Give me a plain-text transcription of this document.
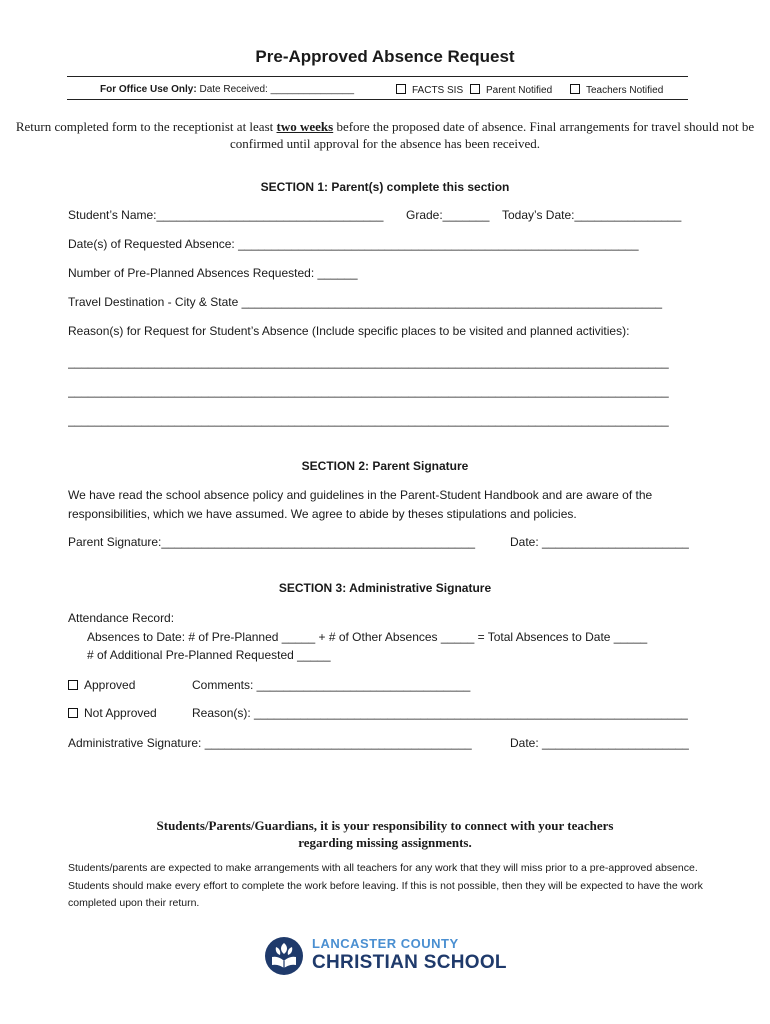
Pre-Approved Absence Request
For Office Use Only: Date Received: _______________	FACTS SIS	Parent Notified	Teachers Notified
Return completed form to the receptionist at least two weeks before the proposed date of absence. Final arrangements for travel should not be confirmed until approval for the absence has been received.
SECTION 1: Parent(s) complete this section
Student’s Name:__________________________________ Grade:_______ Today’s Date:________________
Date(s) of Requested Absence: ____________________________________________________________
Number of Pre-Planned Absences Requested: ______
Travel Destination - City & State _______________________________________________________________
Reason(s) for Request for Student’s Absence (Include specific places to be visited and planned activities):
__________________________________________________________________________________________
__________________________________________________________________________________________
__________________________________________________________________________________________
SECTION 2: Parent Signature
We have read the school absence policy and guidelines in the Parent-Student Handbook and are aware of the responsibilities, which we have assumed. We agree to abide by theses stipulations and policies.
Parent Signature:_______________________________________________	Date: ______________________
SECTION 3: Administrative Signature
Attendance Record:
Absences to Date: # of Pre-Planned _____ + # of Other Absences _____ = Total Absences to Date _____
# of Additional Pre-Planned Requested _____
Approved	Comments: ________________________________
Not Approved	Reason(s): _________________________________________________________________
Administrative Signature: ________________________________________	Date: ______________________
Students/Parents/Guardians, it is your responsibility to connect with your teachers regarding missing assignments.
Students/parents are expected to make arrangements with all teachers for any work that they will miss prior to a pre-approved absence. Students should make every effort to complete the work before leaving. If this is not possible, then they will be expected to have the work completed upon their return.
LANCASTER COUNTY
CHRISTIAN SCHOOL
